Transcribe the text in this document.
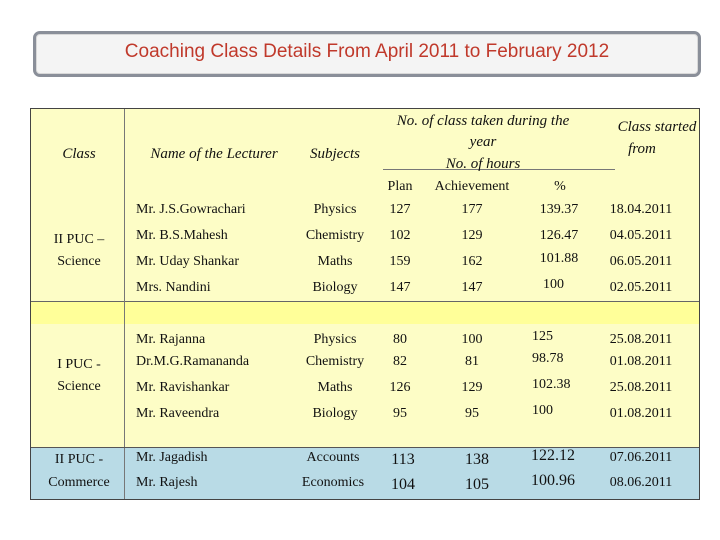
Coaching Class Details From April 2011 to February 2012
Class	Name of the Lecturer Subjects
No. of class taken during the
year
No. of hours
Class started
from
Plan Achievement	%
II PUC –
Science
Mr. J.S.Gowrachari	Physics 127	177	139.37 18.04.2011
Mr. B.S.Mahesh	Chemistry 102	129	126.47 04.05.2011
Mr. Uday Shankar	Maths	159	162	101.88 06.05.2011
Mrs. Nandini	Biology 147	147	100	02.05.2011
I PUC -
Science
Mr. Rajanna	Physics	80	100	125	25.08.2011
Dr.M.G.Ramananda	Chemistry 82	81	98.78	01.08.2011
Mr. Ravishankar	Maths	126	129	102.38	25.08.2011
Mr. Raveendra	Biology	95	95	100	01.08.2011
II PUC -
Commerce
Mr. Jagadish	Accounts 113	138	122.12 07.06.2011
Mr. Rajesh	Economics 104	105	100.96 08.06.2011
